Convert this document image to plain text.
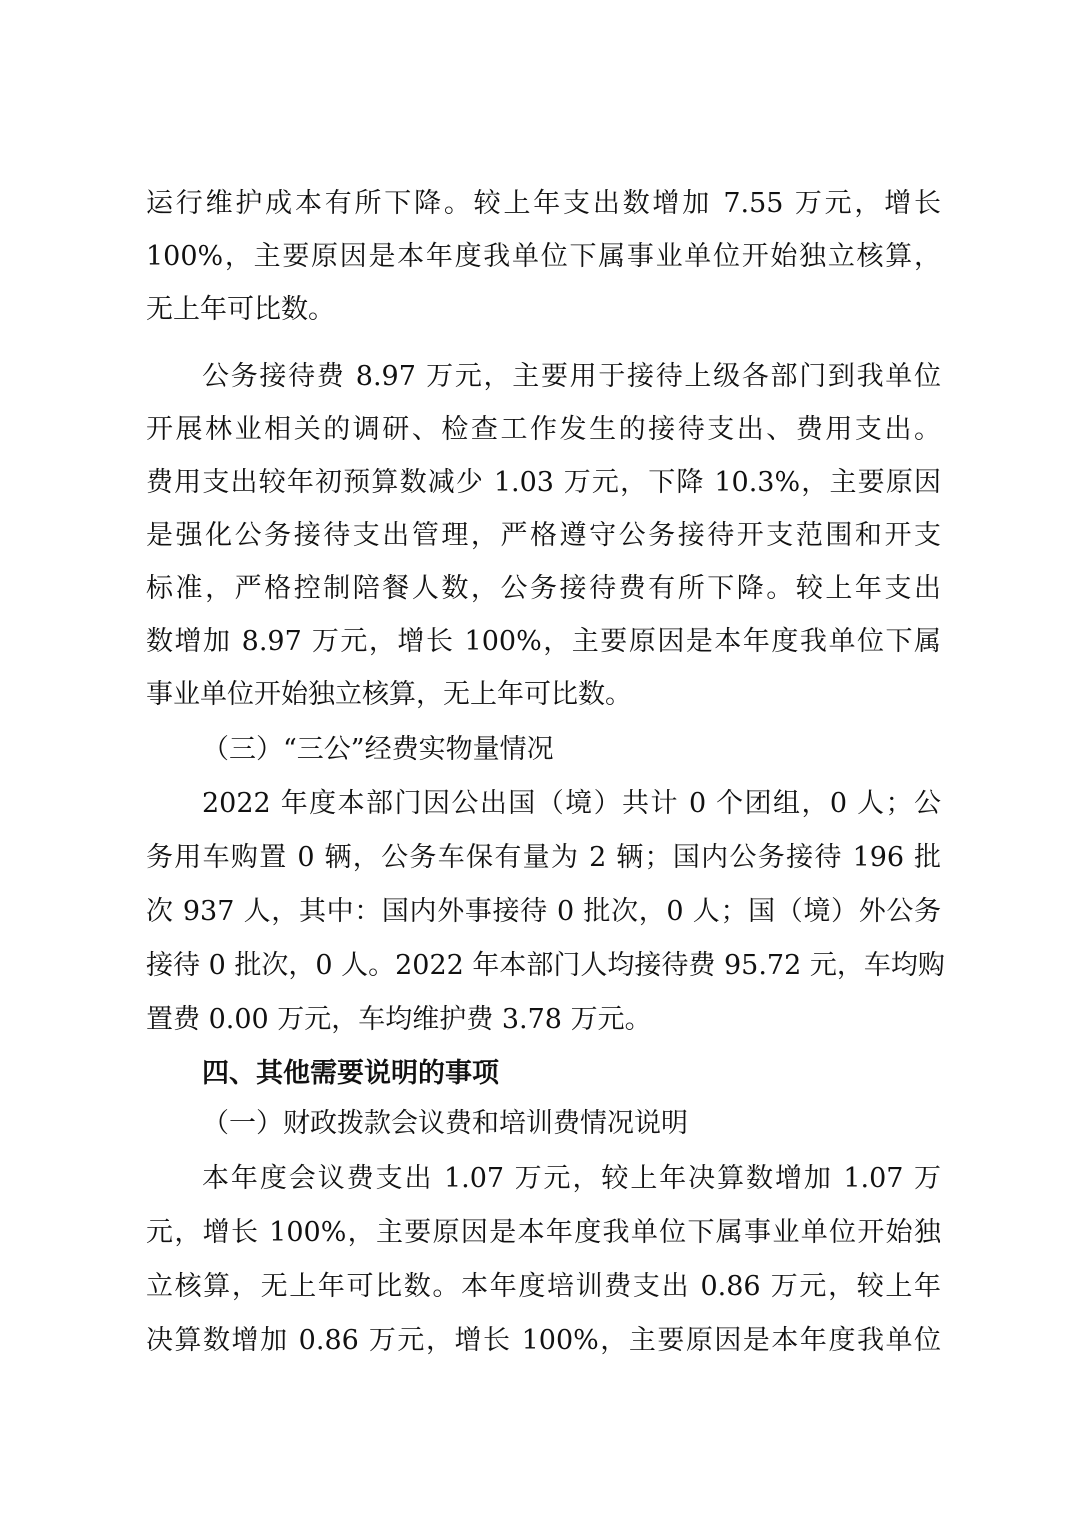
运行维护成本有所下降。较上年支出数增加 7.55 万元，增长
100%，主要原因是本年度我单位下属事业单位开始独立核算，
无上年可比数。
公务接待费 8.97 万元，主要用于接待上级各部门到我单位
开展林业相关的调研、检查工作发生的接待支出、费用支出。
费用支出较年初预算数减少 1.03 万元，下降 10.3%，主要原因
是强化公务接待支出管理，严格遵守公务接待开支范围和开支
标准，严格控制陪餐人数，公务接待费有所下降。较上年支出
数增加 8.97 万元，增长 100%，主要原因是本年度我单位下属
事业单位开始独立核算，无上年可比数。
（三）“三公”经费实物量情况
2022 年度本部门因公出国（境）共计 0 个团组，0 人；公
务用车购置 0 辆，公务车保有量为 2 辆；国内公务接待 196 批
次 937 人，其中：国内外事接待 0 批次，0 人；国（境）外公务
接待 0 批次，0 人。2022 年本部门人均接待费 95.72 元，车均购
置费 0.00 万元，车均维护费 3.78 万元。
四、其他需要说明的事项
（一）财政拨款会议费和培训费情况说明
本年度会议费支出 1.07 万元，较上年决算数增加 1.07 万
元，增长 100%，主要原因是本年度我单位下属事业单位开始独
立核算，无上年可比数。本年度培训费支出 0.86 万元，较上年
决算数增加 0.86 万元，增长 100%，主要原因是本年度我单位
